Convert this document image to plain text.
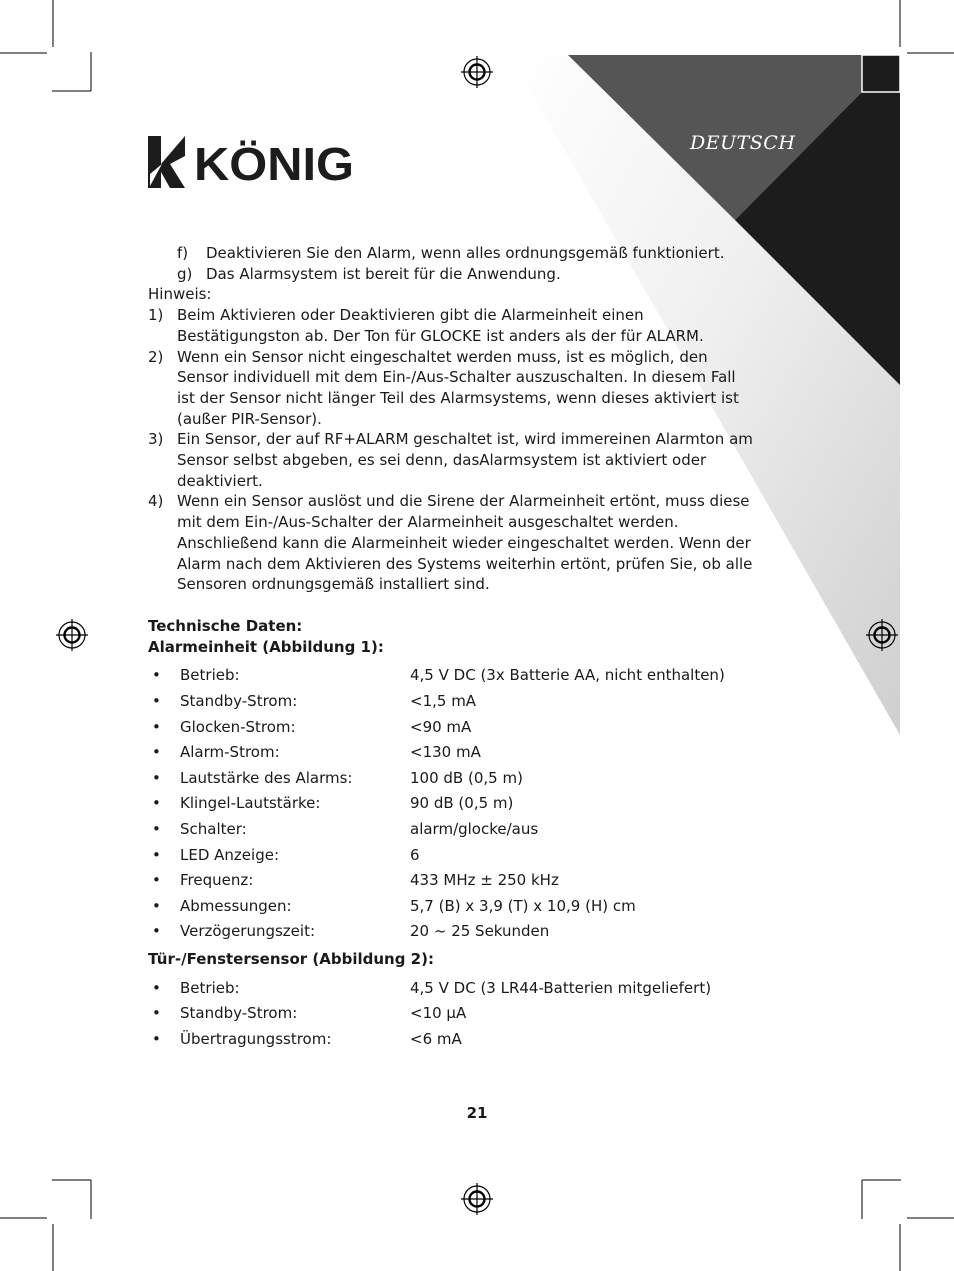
KÖNIG	DEUTSCH

f) Deaktivieren Sie den Alarm, wenn alles ordnungsgemäß funktioniert.

g) Das Alarmsystem ist bereit für die Anwendung.

Hinweis:

1) Beim Aktivieren oder Deaktivieren gibt die Alarmeinheit einen Bestätigungston ab. Der Ton für GLOCKE ist anders als der für ALARM.

2) Wenn ein Sensor nicht eingeschaltet werden muss, ist es möglich, den Sensor individuell mit dem Ein-/Aus-Schalter auszuschalten. In diesem Fall ist der Sensor nicht länger Teil des Alarmsystems, wenn dieses aktiviert ist (außer PIR-Sensor).

3) Ein Sensor, der auf RF+ALARM geschaltet ist, wird immereinen Alarmton am Sensor selbst abgeben, es sei denn, dasAlarmsystem ist aktiviert oder deaktiviert.

4) Wenn ein Sensor auslöst und die Sirene der Alarmeinheit ertönt, muss diese mit dem Ein-/Aus-Schalter der Alarmeinheit ausgeschaltet werden. Anschließend kann die Alarmeinheit wieder eingeschaltet werden. Wenn der Alarm nach dem Aktivieren des Systems weiterhin ertönt, prüfen Sie, ob alle Sensoren ordnungsgemäß installiert sind.

Technische Daten:

Alarmeinheit (Abbildung 1):

• Betrieb:	4,5 V DC (3x Batterie AA, nicht enthalten)
• Standby-Strom:	<1,5 mA
• Glocken-Strom:	<90 mA
• Alarm-Strom:	<130 mA
• Lautstärke des Alarms:	100 dB (0,5 m)
• Klingel-Lautstärke:	90 dB (0,5 m)
• Schalter:	alarm/glocke/aus
• LED Anzeige:	6
• Frequenz:	433 MHz ± 250 kHz
• Abmessungen:	5,7 (B) x 3,9 (T) x 10,9 (H) cm
• Verzögerungszeit:	20 ~ 25 Sekunden

Tür-/Fenstersensor (Abbildung 2):

• Betrieb:	4,5 V DC (3 LR44-Batterien mitgeliefert)
• Standby-Strom:	<10 µA
• Übertragungsstrom:	<6 mA
21
